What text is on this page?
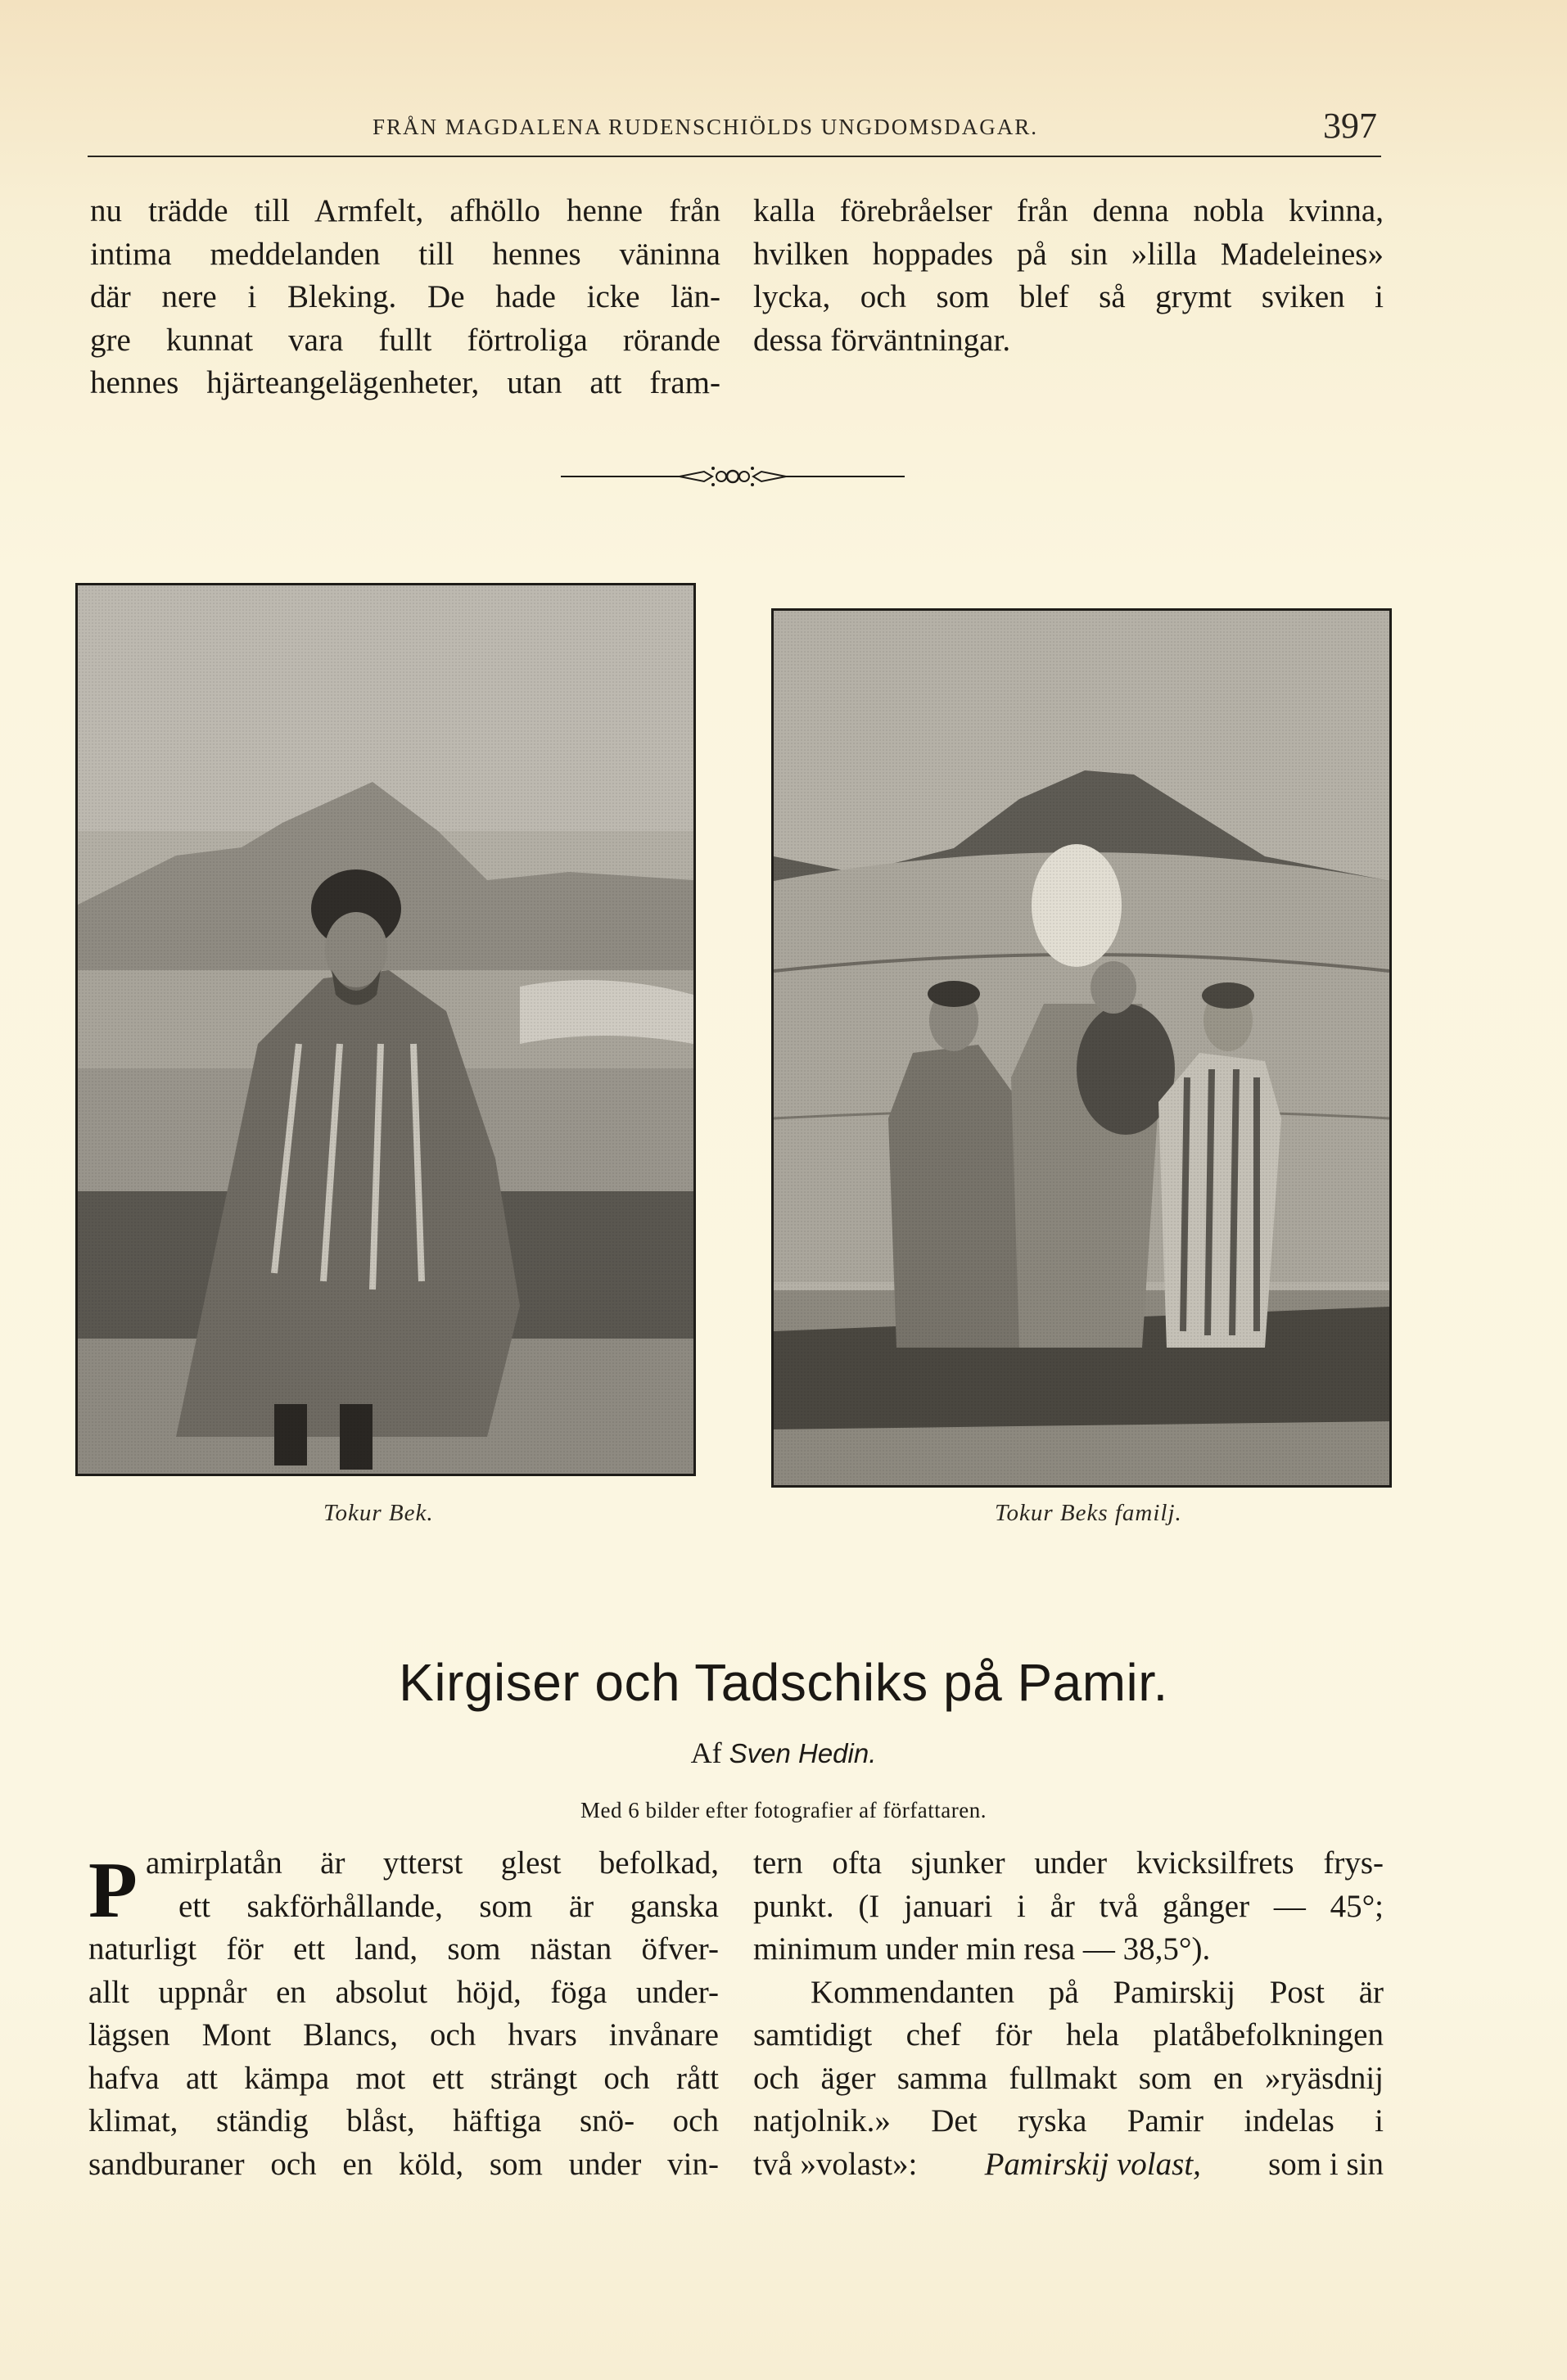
FRÅN MAGDALENA RUDENSCHIÖLDS UNGDOMSDAGAR.	397
nu trädde till Armfelt, afhöllo henne från
intima meddelanden till hennes väninna
där nere i Bleking. De hade icke län-
gre kunnat vara fullt förtroliga rörande
hennes hjärteangelägenheter, utan att fram-
kalla förebråelser från denna nobla kvinna,
hvilken hoppades på sin »lilla Madeleines»
lycka, och som blef så grymt sviken i
dessa förväntningar.
Tokur Bek.	Tokur Beks familj.
Kirgiser och Tadschiks på Pamir.
Af Sven Hedin.
Med 6 bilder efter fotografier af författaren.
P amirplatån är ytterst glest befolkad,
ett sakförhållande, som är ganska
naturligt för ett land, som nästan öfver-
allt uppnår en absolut höjd, föga under-
lägsen Mont Blancs, och hvars invånare
hafva att kämpa mot ett strängt och rått
klimat, ständig blåst, häftiga snö- och
sandburaner och en köld, som under vin-
tern ofta sjunker under kvicksilfrets frys-
punkt. (I januari i år två gånger — 45°;
minimum under min resa — 38,5°).
Kommendanten på Pamirskij Post är
samtidigt chef för hela platåbefolkningen
och äger samma fullmakt som en »ryäsdnij
natjolnik.» Det ryska Pamir indelas i
två »volast»: Pamirskij volast, som i sin
